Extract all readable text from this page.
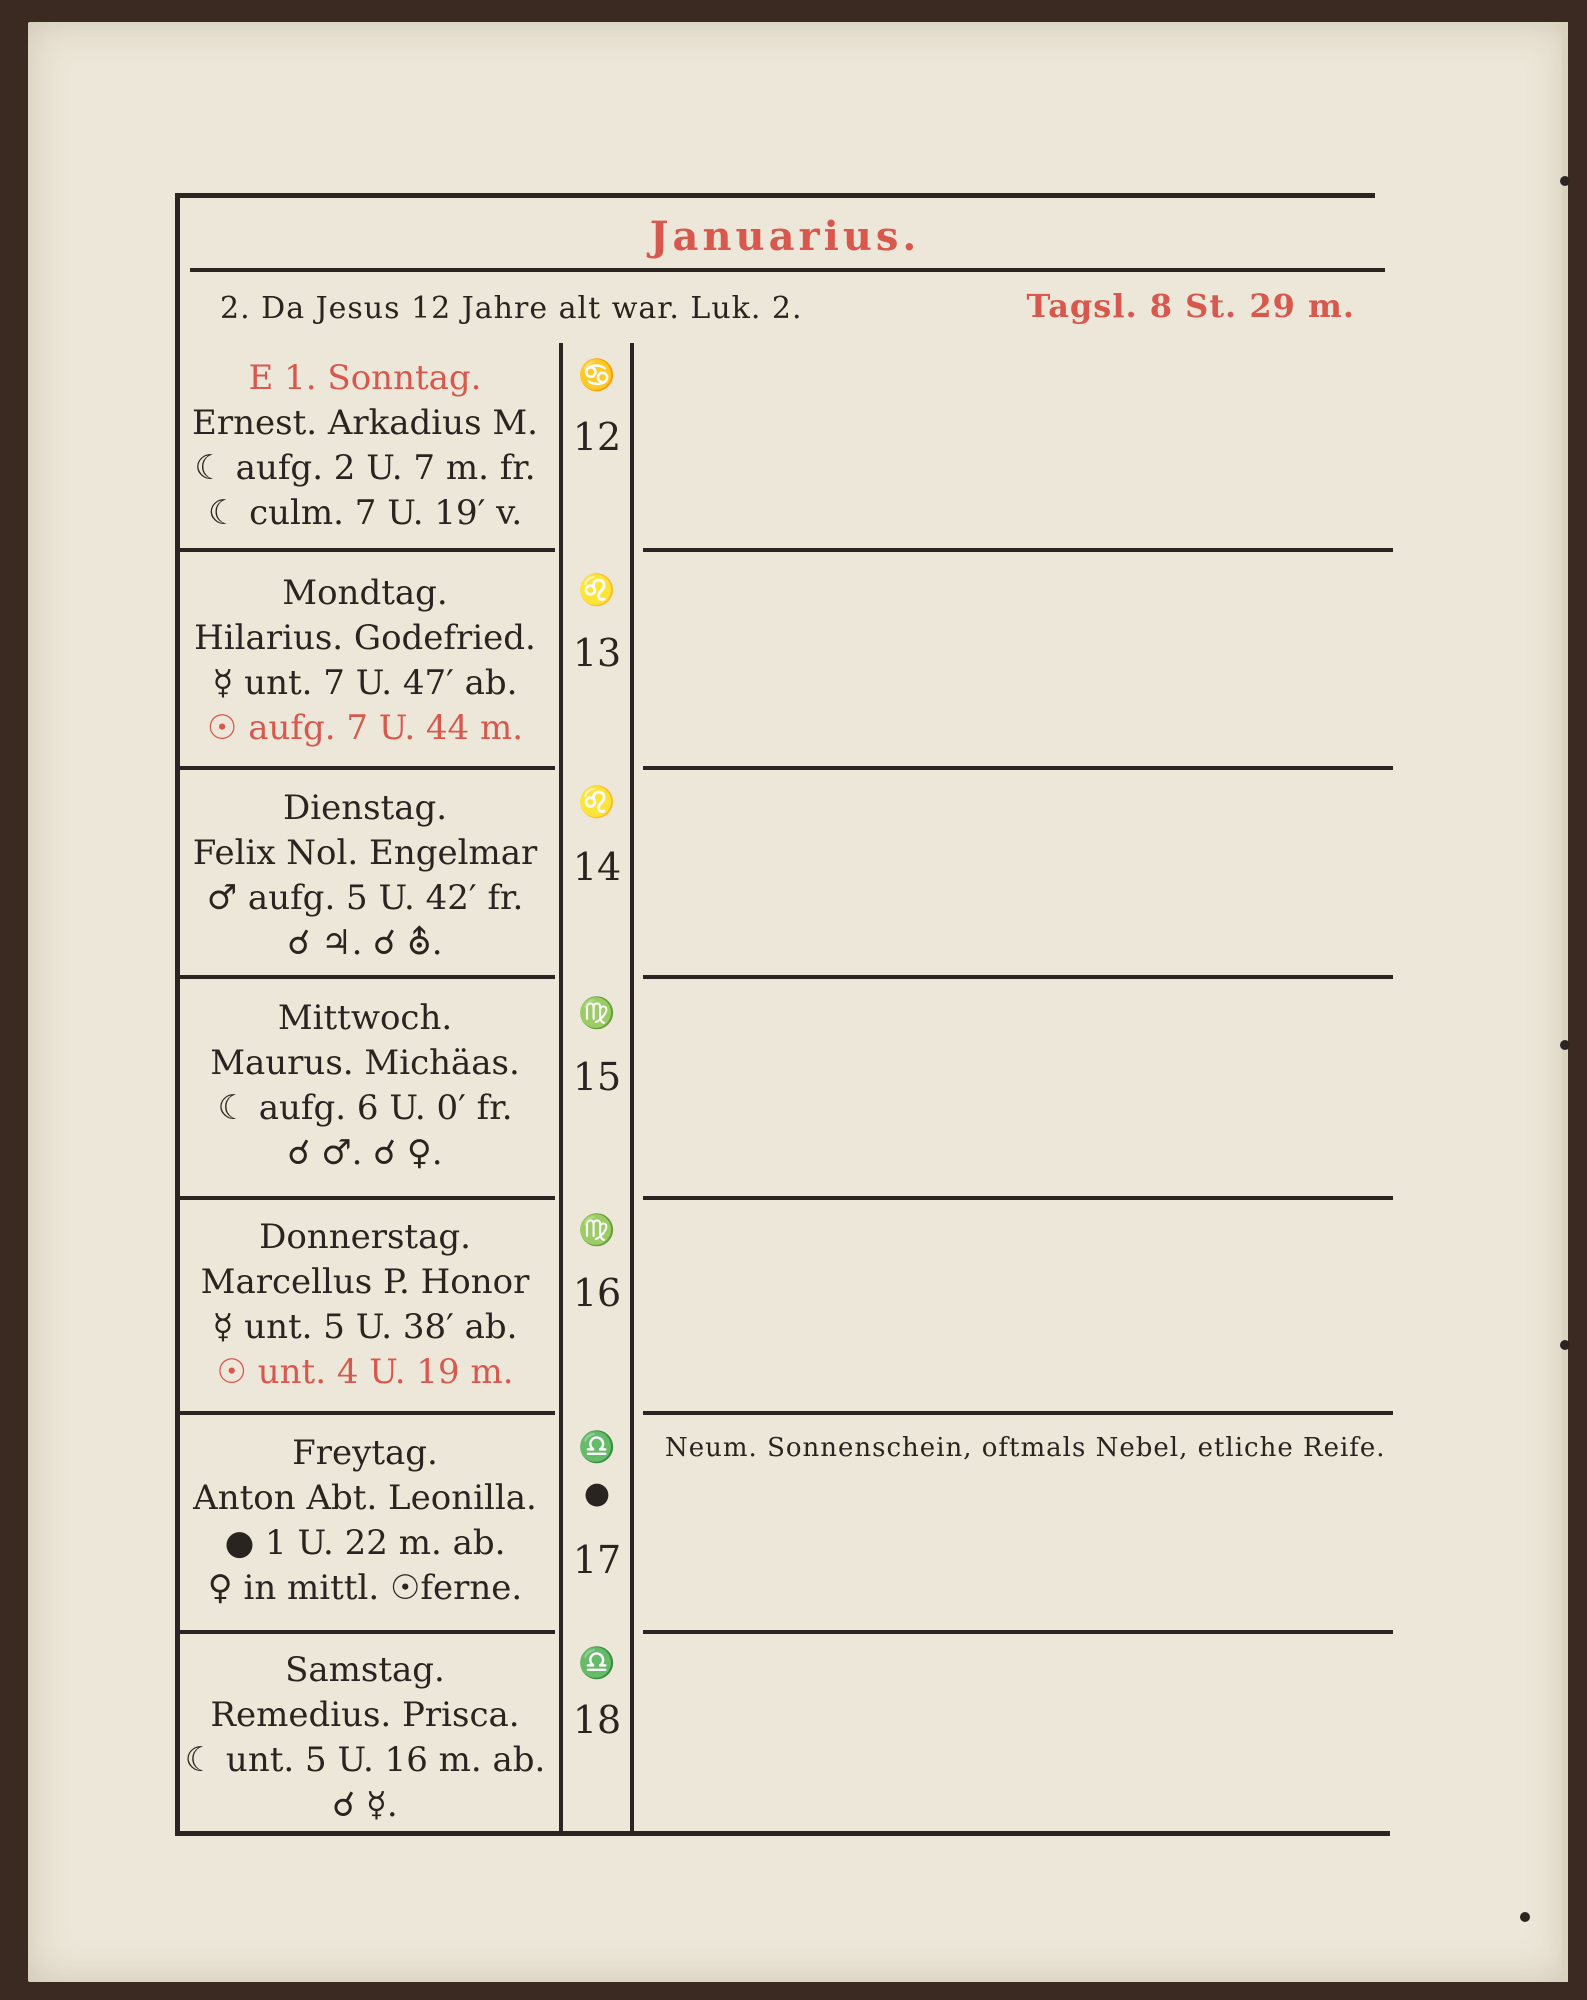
Januarius.
2. Da Jesus 12 Jahre alt war. Luk. 2.	Tagsl. 8 St. 29 m.
E 1. Sonntag.
Ernest. Arkadius M.
☾ aufg. 2 U. 7 m. fr.
☾ culm. 7 U. 19′ v.
♋
12
Mondtag.
Hilarius. Godefried.
☿ unt. 7 U. 47′ ab.
☉ aufg. 7 U. 44 m.
♌
13
Dienstag.
Felix Nol. Engelmar
♂ aufg. 5 U. 42′ fr.
☌ ♃. ☌ ⛢.
♌
14
Mittwoch.
Maurus. Michäas.
☾ aufg. 6 U. 0′ fr.
☌ ♂. ☌ ♀.
♍
15
Donnerstag.
Marcellus P. Honor
☿ unt. 5 U. 38′ ab.
☉ unt. 4 U. 19 m.
♍
16
Freytag.
Anton Abt. Leonilla.
● 1 U. 22 m. ab.
♀ in mittl. ☉ferne.
♎
●
17
Neum. Sonnenschein, oftmals Nebel, etliche Reife.
Samstag.
Remedius. Prisca.
☾ unt. 5 U. 16 m. ab.
☌ ☿.
♎
18
